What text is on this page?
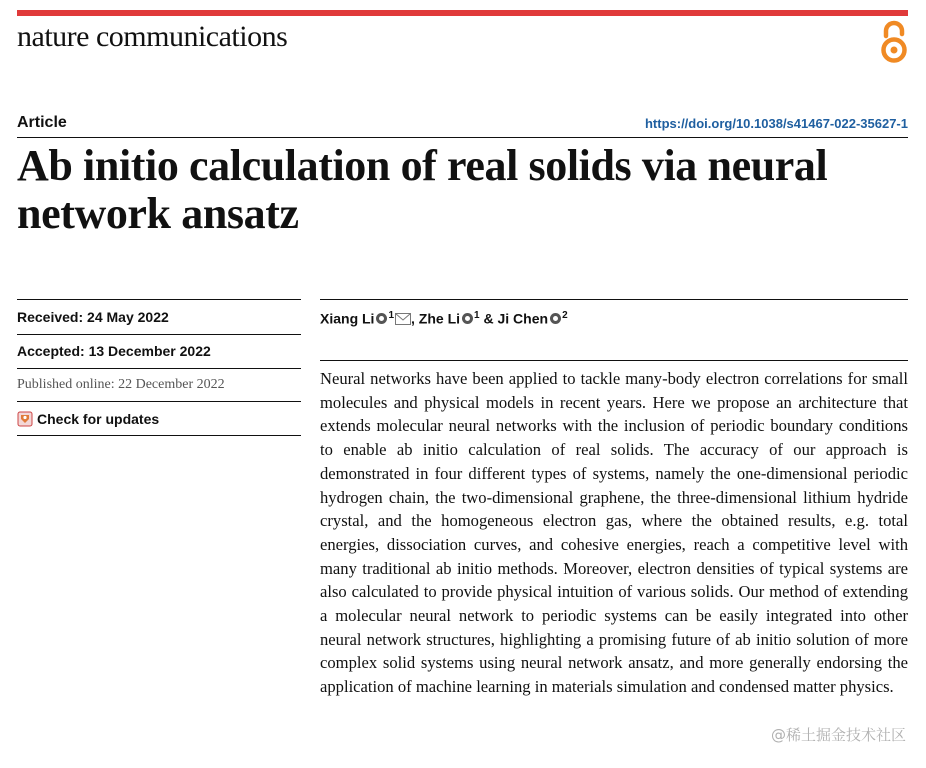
nature communications
Article	https://doi.org/10.1038/s41467-022-35627-1
Ab initio calculation of real solids via neural network ansatz
Received: 24 May 2022
Accepted: 13 December 2022
Published online: 22 December 2022
Check for updates
Xiang Li $^1$ , Zhe Li $^1$ & Ji Chen $^2$

Neural networks have been applied to tackle many-body electron correlations for small molecules and physical models in recent years. Here we propose an architecture that extends molecular neural networks with the inclusion of periodic boundary conditions to enable ab initio calculation of real solids. The accuracy of our approach is demonstrated in four different types of systems, namely the one-dimensional periodic hydrogen chain, the two-dimensional graphene, the three-dimensional lithium hydride crystal, and the homogeneous electron gas, where the obtained results, e.g. total energies, dissociation curves, and cohesive energies, reach a competitive level with many traditional ab initio methods. Moreover, electron densities of typical systems are also calculated to provide physical intuition of various solids. Our method of extending a molecular neural network to periodic systems can be easily integrated into other neural network structures, highlighting a promising future of ab initio solution of more complex solid systems using neural network ansatz, and more generally endorsing the application of machine learning in materials simulation and condensed matter physics.

@稀土掘金技术社区
